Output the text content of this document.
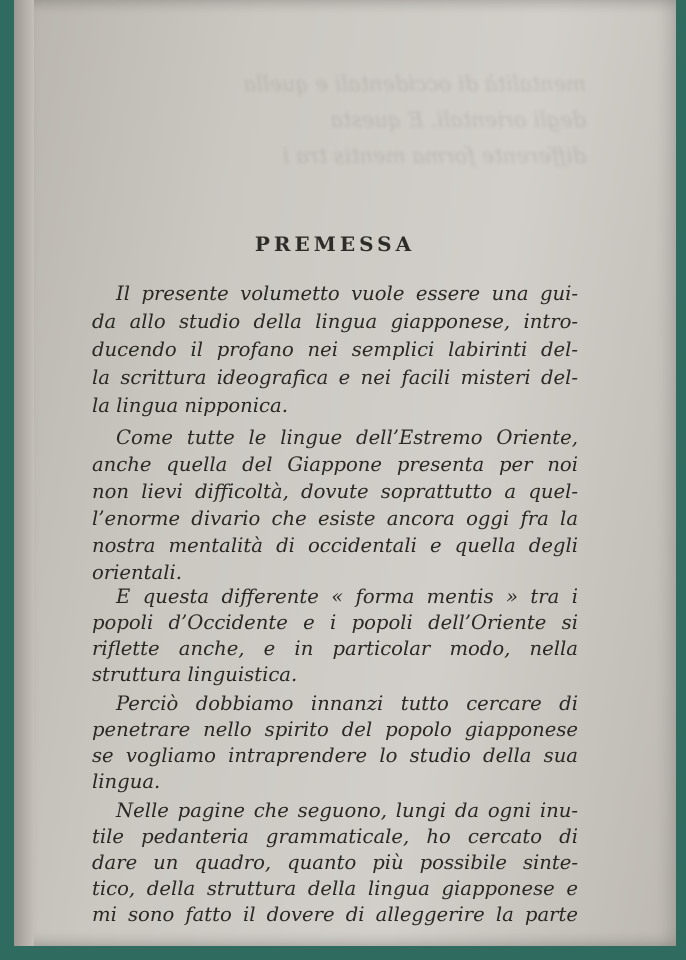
mentalità di occidentali e quella
degli orientali. E questa
differente forma mentis tra i
PREMESSA
Il presente volumetto vuole essere una gui-
da allo studio della lingua giapponese, intro-
ducendo il profano nei semplici labirinti del-
la scrittura ideografica e nei facili misteri del-
la lingua nipponica.
Come tutte le lingue dell’Estremo Oriente,
anche quella del Giappone presenta per noi
non lievi difficoltà, dovute soprattutto a quel-
l’enorme divario che esiste ancora oggi fra la
nostra mentalità di occidentali e quella degli
orientali.
E questa differente « forma mentis » tra i
popoli d’Occidente e i popoli dell’Oriente si
riflette anche, e in particolar modo, nella
struttura linguistica.
Perciò dobbiamo innanzi tutto cercare di
penetrare nello spirito del popolo giapponese
se vogliamo intraprendere lo studio della sua
lingua.
Nelle pagine che seguono, lungi da ogni inu-
tile pedanteria grammaticale, ho cercato di
dare un quadro, quanto più possibile sinte-
tico, della struttura della lingua giapponese e
mi sono fatto il dovere di alleggerire la parte
